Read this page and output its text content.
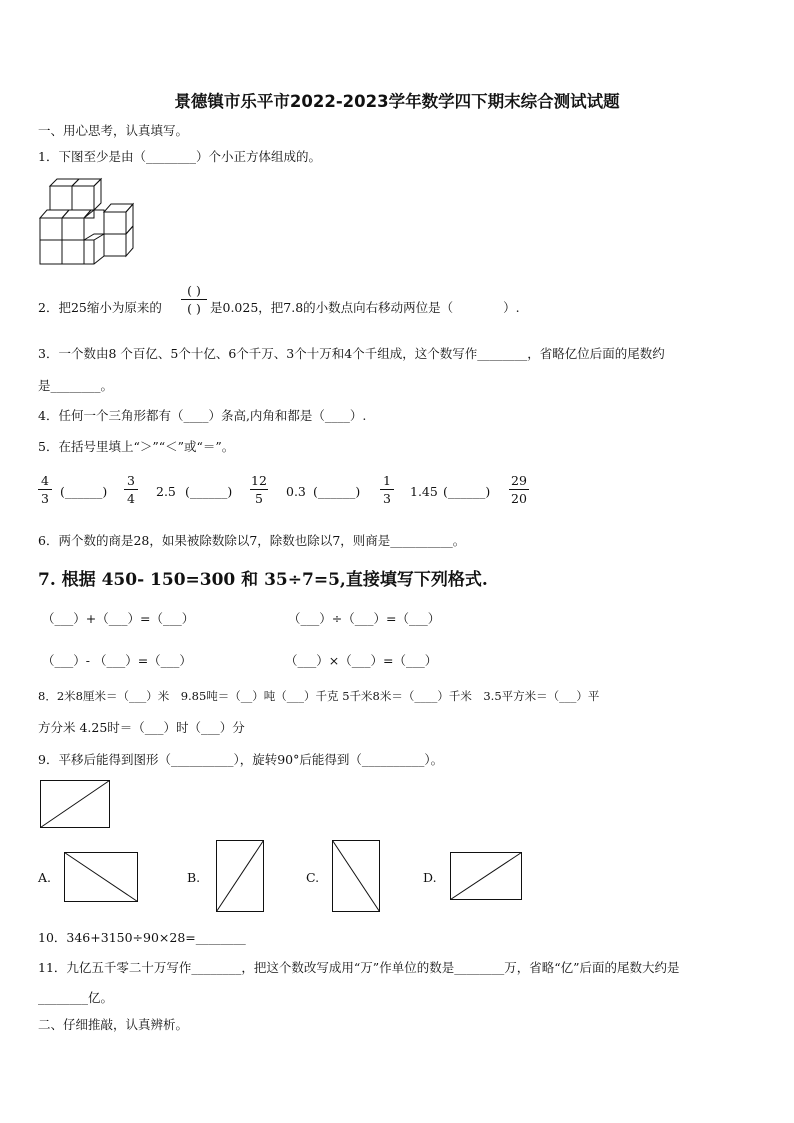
景德镇市乐平市2022-2023学年数学四下期末综合测试试题
一、用心思考，认真填写。
1．下图至少是由（________）个小正方体组成的。
2．把25缩小为原来的
( )
( ) 是0.025，把7.8的小数点向右移动两位是（　　　　）.
3．一个数由8 个百亿、5个十亿、6个千万、3个十万和4个千组成，这个数写作________，省略亿位后面的尾数约
是________。
4．任何一个三角形都有（____）条高,内角和都是（____）.
5．在括号里填上“＞”“＜”或“＝”。
4
3 (______)
3
4 2.5 (______)
12
5	0.3 (______)
1
3 1.45 (______)
29
20
6．两个数的商是28，如果被除数除以7，除数也除以7，则商是__________。
7. 根据 450- 150=300 和 35÷7=5,直接填写下列格式.
（___）+（___）=（___）	（___）÷（___）=（___）
（___）- （___）=（___）	（___）×（___）=（___）
8．2米8厘米＝（___）米　9.85吨＝（__）吨（___）千克 5千米8米＝（____）千米　3.5平方米＝（___）平
方分米 4.25时＝（___）时（___）分
9．平移后能得到图形（__________），旋转90°后能得到（__________）。
A.	B.	C.	D.
10．346+3150÷90×28=________
11．九亿五千零二十万写作________，把这个数改写成用“万”作单位的数是________万，省略“亿”后面的尾数大约是
________亿。
二、仔细推敲，认真辨析。
